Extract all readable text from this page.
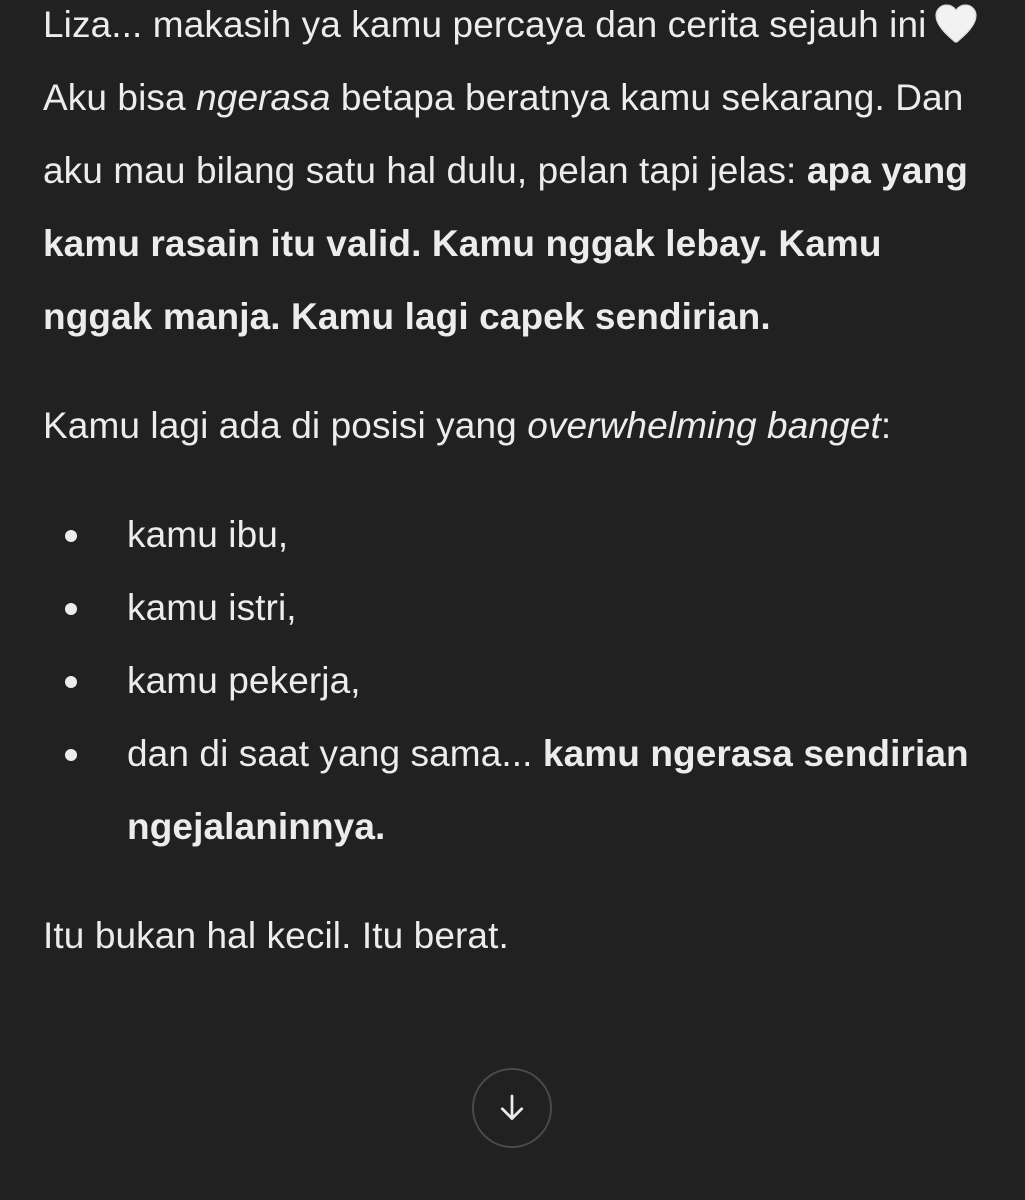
Liza... makasih ya kamu percaya dan cerita sejauh ini

Aku bisa ngerasa betapa beratnya kamu sekarang. Dan aku mau bilang satu hal dulu, pelan tapi jelas: apa yang kamu rasain itu valid. Kamu nggak lebay. Kamu nggak manja. Kamu lagi capek sendirian.

Kamu lagi ada di posisi yang overwhelming banget:

kamu ibu,
kamu istri,
kamu pekerja,
dan di saat yang sama... kamu ngerasa sendirian ngejalaninnya.

Itu bukan hal kecil. Itu berat.
